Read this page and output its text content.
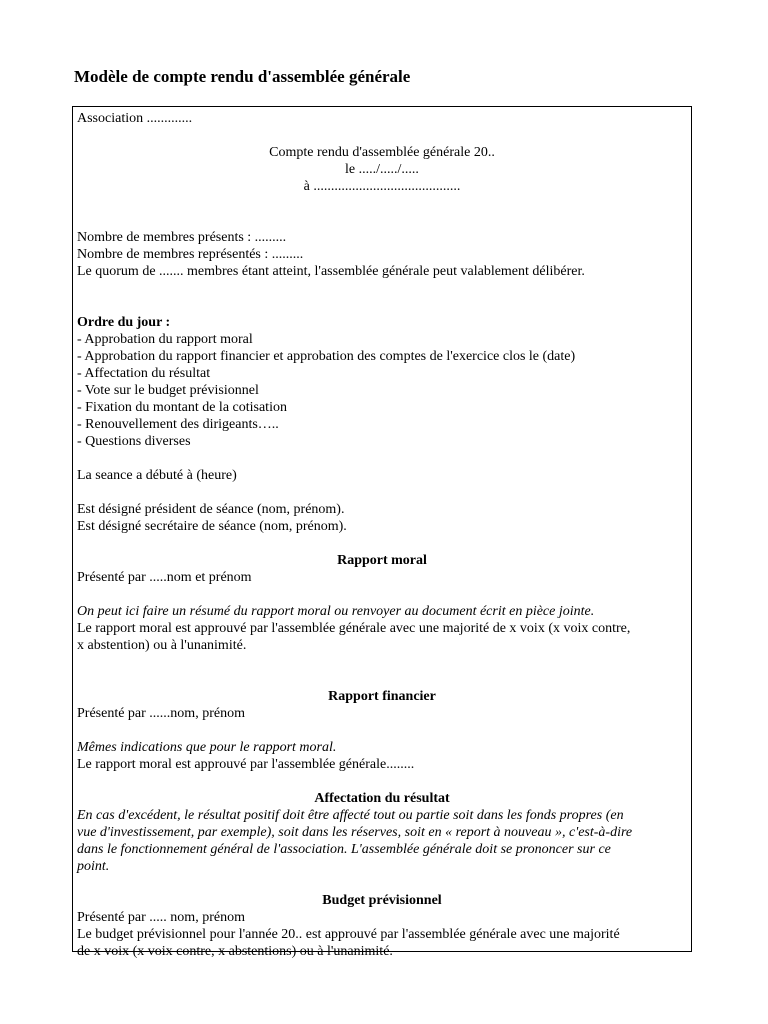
Modèle de compte rendu d'assemblée générale
Association .............
Compte rendu d'assemblée générale 20..
le ...../...../.....
à ..........................................
Nombre de membres présents : .........
Nombre de membres représentés : .........
Le quorum de ....... membres étant atteint, l'assemblée générale peut valablement délibérer.
Ordre du jour :
- Approbation du rapport moral
- Approbation du rapport financier et approbation des comptes de l'exercice clos le (date)
- Affectation du résultat
- Vote sur le budget prévisionnel
- Fixation du montant de la cotisation
- Renouvellement des dirigeants…..
- Questions diverses
La seance a débuté à (heure)
Est désigné président de séance (nom, prénom).
Est désigné secrétaire de séance (nom, prénom).
Rapport moral
Présenté par .....nom et prénom
On peut ici faire un résumé du rapport moral ou renvoyer au document écrit en pièce jointe.
Le rapport moral est approuvé par l'assemblée générale avec une majorité de x voix (x voix contre,
x abstention) ou à l'unanimité.
Rapport financier
Présenté par ......nom, prénom
Mêmes indications que pour le rapport moral.
Le rapport moral est approuvé par l'assemblée générale........
Affectation du résultat
En cas d'excédent, le résultat positif doit être affecté tout ou partie soit dans les fonds propres (en
vue d'investissement, par exemple), soit dans les réserves, soit en « report à nouveau », c'est-à-dire
dans le fonctionnement général de l'association. L'assemblée générale doit se prononcer sur ce
point.
Budget prévisionnel
Présenté par ..... nom, prénom
Le budget prévisionnel pour l'année 20.. est approuvé par l'assemblée générale avec une majorité
de x voix (x voix contre, x abstentions) ou à l'unanimité.
